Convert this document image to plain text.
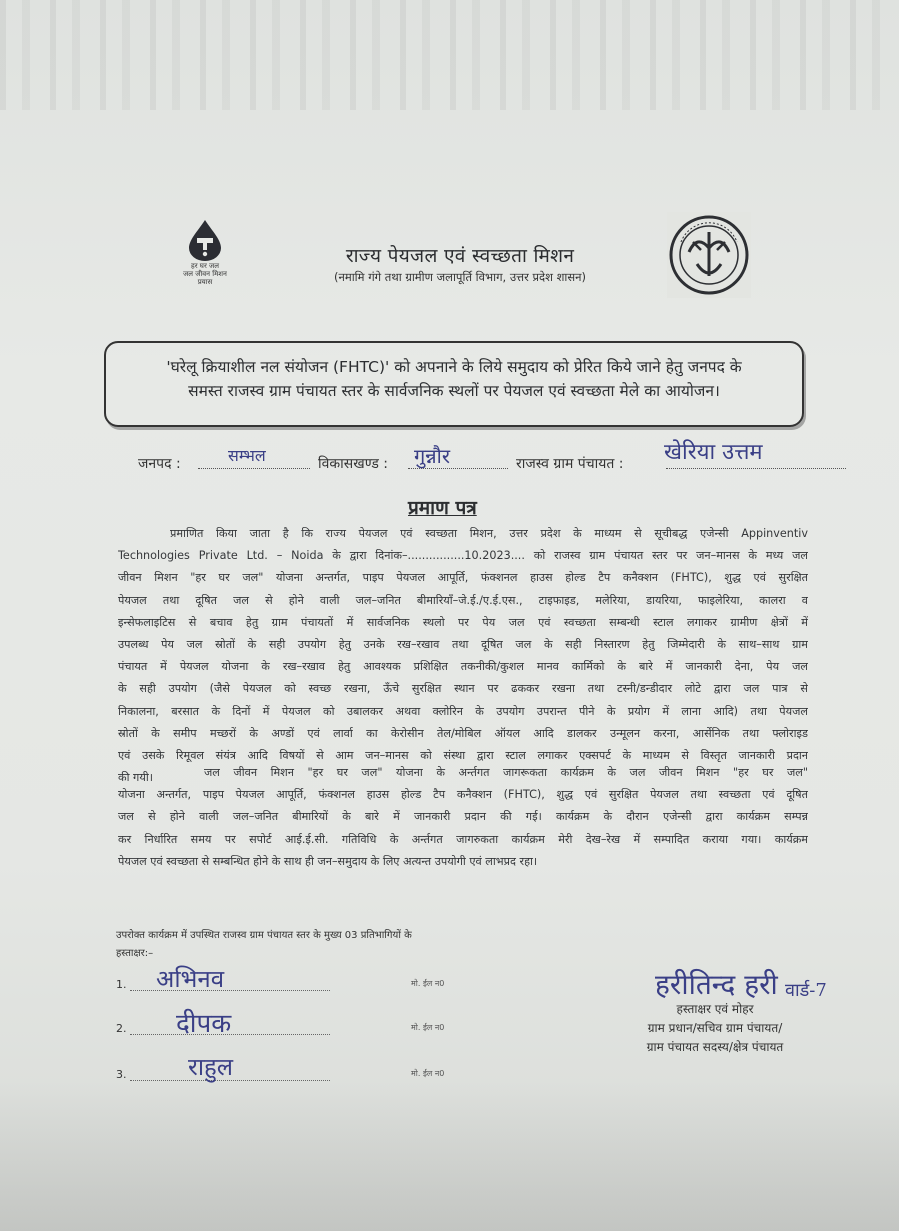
हर घर जल
जल जीवन मिशन
प्रयास
राज्य पेयजल एवं स्वच्छता मिशन
(नमामि गंगे तथा ग्रामीण जलापूर्ति विभाग, उत्तर प्रदेश शासन)
'घरेलू क्रियाशील नल संयोजन (FHTC)' को अपनाने के लिये समुदाय को प्रेरित किये जाने हेतु जनपद के
समस्त राजस्व ग्राम पंचायत स्तर के सार्वजनिक स्थलों पर पेयजल एवं स्वच्छता मेले का आयोजन।
जनपद :	सम्भल	विकासखण्ड : गुन्नौर	राजस्व ग्राम पंचायत : खेरिया उत्तम
प्रमाण पत्र
प्रमाणित किया जाता है कि राज्य पेयजल एवं स्वच्छता मिशन, उत्तर प्रदेश के माध्यम से सूचीबद्ध एजेन्सी Appinventiv
Technologies Private Ltd. – Noida के द्वारा दिनांक–................10.2023.... को राजस्व ग्राम पंचायत स्तर पर जन–मानस के मध्य जल
जीवन मिशन "हर घर जल" योजना अन्तर्गत, पाइप पेयजल आपूर्ति, फंक्शनल हाउस होल्ड टैप कनैक्शन (FHTC), शुद्ध एवं सुरक्षित
पेयजल तथा दूषित जल से होने वाली जल–जनित बीमारियाँ–जे.ई./ए.ई.एस., टाइफाइड, मलेरिया, डायरिया, फाइलेरिया, कालरा व
इन्सेफलाइटिस से बचाव हेतु ग्राम पंचायतों में सार्वजनिक स्थलो पर पेय जल एवं स्वच्छता सम्बन्धी स्टाल लगाकर ग्रामीण क्षेत्रों में
उपलब्ध पेय जल स्रोतों के सही उपयोग हेतु उनके रख–रखाव तथा दूषित जल के सही निस्तारण हेतु जिम्मेदारी के साथ–साथ ग्राम
पंचायत में पेयजल योजना के रख–रखाव हेतु आवश्यक प्रशिक्षित तकनीकी/कुशल मानव कार्मिको के बारे में जानकारी देना, पेय जल
के सही उपयोग (जैसे पेयजल को स्वच्छ रखना, ऊँचे सुरक्षित स्थान पर ढककर रखना तथा टस्नी/डन्डीदार लोटे द्वारा जल पात्र से
निकालना, बरसात के दिनों में पेयजल को उबालकर अथवा क्लोरिन के उपयोग उपरान्त पीने के प्रयोग में लाना आदि) तथा पेयजल
स्रोतों के समीप मच्छरों के अण्डों एवं लार्वा का केरोसीन तेल/मोबिल ऑयल आदि डालकर उन्मूलन करना, आर्सेनिक तथा फ्लोराइड
एवं उसके रिमूवल संयंत्र आदि विषयों से आम जन–मानस को संस्था द्वारा स्टाल लगाकर एक्सपर्ट के माध्यम से विस्तृत जानकारी प्रदान
की गयी।	जल जीवन मिशन "हर घर जल" योजना के अर्न्तगत जागरूकता कार्यक्रम के जल जीवन मिशन "हर घर जल"
योजना अन्तर्गत, पाइप पेयजल आपूर्ति, फंक्शनल हाउस होल्ड टैप कनैक्शन (FHTC), शुद्ध एवं सुरक्षित पेयजल तथा स्वच्छता एवं दूषित
जल से होने वाली जल–जनित बीमारियों के बारे में जानकारी प्रदान की गई। कार्यक्रम के दौरान एजेन्सी द्वारा कार्यक्रम सम्पन्न
कर निर्धारित समय पर सपोर्ट आई.ई.सी. गतिविधि के अर्न्तगत जागरुकता कार्यक्रम मेरी देख–रेख में सम्पादित कराया गया। कार्यक्रम
पेयजल एवं स्वच्छता से सम्बन्धित होने के साथ ही जन–समुदाय के लिए अत्यन्त उपयोगी एवं लाभप्रद रहा।
उपरोक्त कार्यक्रम में उपस्थित राजस्व ग्राम पंचायत स्तर के मुख्य 03 प्रतिभागियों के
हस्ताक्षर:–
1. अभिनव	मो. ईल न0
2. दीपक	मो. ईल न0
3.	राहुल	मो. ईल न0
हरीतिन्द हरी वार्ड-7
हस्ताक्षर एवं मोहर
ग्राम प्रधान/सचिव ग्राम पंचायत/
ग्राम पंचायत सदस्य/क्षेत्र पंचायत
